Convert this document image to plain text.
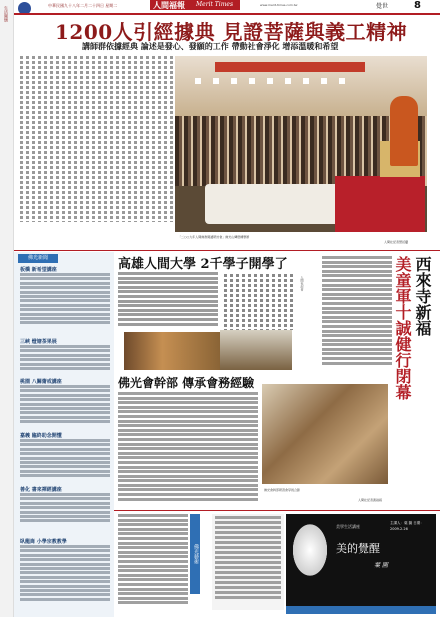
生活關懷
中華民國九十八年二月二十四日 星期二	人間福報 Merit Times	www.merit-times.com.tw	覺世	8
1200人引經據典 見證菩薩與義工精神
講師群依據經典 論述是發心、發願的工作 帶動社會淨化 增添溫暖和希望
「二○○九年人間佛教閱讀研討會」佛光山傳燈樓舉辦
人間社記者慧延攝
佛光新聞
板橋 新希望講座
三峽 燈塘茶果展
桃園 八關齋戒講座
嘉義 臨終助念開懂
善化 書來禪經講座
臥龍崗 小學宗教教學
高雄人間大學 2千學子開學了
人間社記者	美童軍十誠健行閉幕 西來寺新福
佛光會幹部 傳承會務經驗
佛光會幹部研習會學員合影
人間社記者黃淑娟
佛光藝術
美學生活講座
美的覺醒
葉 圖
主講人：葉 圖 日期：2009.2.26
